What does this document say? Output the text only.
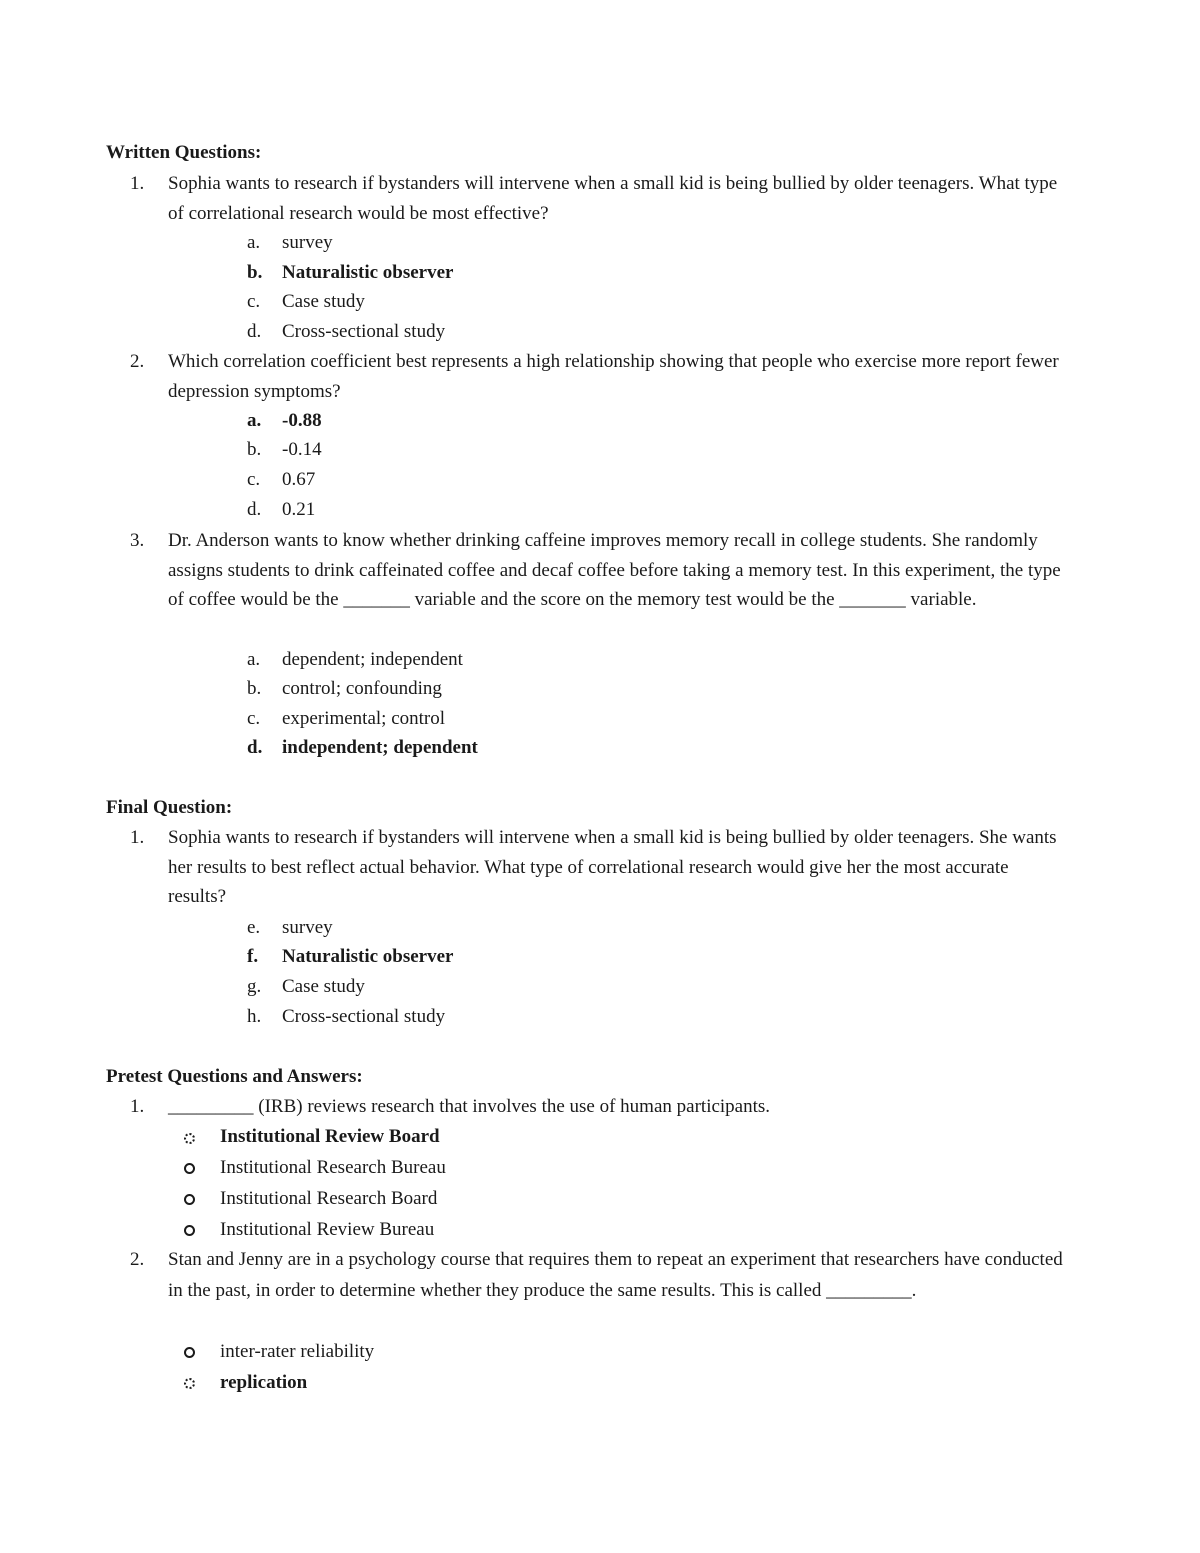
Written Questions:
1. Sophia wants to research if bystanders will intervene when a small kid is being bullied by older teenagers. What type of correlational research would be most effective?
a. survey
b. Naturalistic observer
c. Case study
d. Cross-sectional study
2. Which correlation coefficient best represents a high relationship showing that people who exercise more report fewer depression symptoms?
a. -0.88
b. -0.14
c. 0.67
d. 0.21
3. Dr. Anderson wants to know whether drinking caffeine improves memory recall in college students. She randomly assigns students to drink caffeinated coffee and decaf coffee before taking a memory test. In this experiment, the type of coffee would be the _______ variable and the score on the memory test would be the _______ variable.
a. dependent; independent
b. control; confounding
c. experimental; control
d. independent; dependent
Final Question:
1. Sophia wants to research if bystanders will intervene when a small kid is being bullied by older teenagers. She wants her results to best reflect actual behavior. What type of correlational research would give her the most accurate results?
e. survey
f. Naturalistic observer
g. Case study
h. Cross-sectional study
Pretest Questions and Answers:
1. _________ (IRB) reviews research that involves the use of human participants.
Institutional Review Board
Institutional Research Bureau
Institutional Research Board
Institutional Review Bureau
2. Stan and Jenny are in a psychology course that requires them to repeat an experiment that researchers have conducted in the past, in order to determine whether they produce the same results. This is called _________.
inter-rater reliability
replication
